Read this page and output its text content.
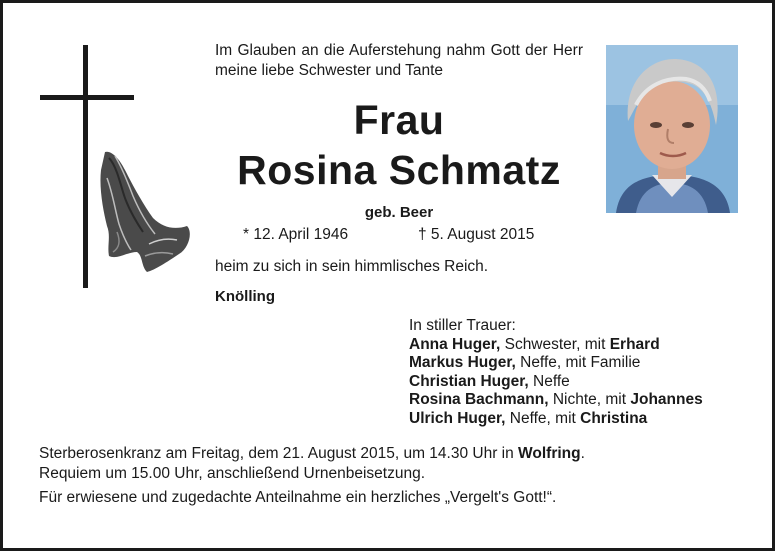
Im Glauben an die Auferstehung nahm Gott der Herr meine liebe Schwester und Tante
Frau
Rosina Schmatz
geb. Beer
* 12. April 1946	† 5. August 2015
heim zu sich in sein himmlisches Reich.
Knölling
In stiller Trauer:
Anna Huger, Schwester, mit Erhard
Markus Huger, Neffe, mit Familie
Christian Huger, Neffe
Rosina Bachmann, Nichte, mit Johannes
Ulrich Huger, Neffe, mit Christina
Sterberosenkranz am Freitag, dem 21. August 2015, um 14.30 Uhr in Wolfring.
Requiem um 15.00 Uhr, anschließend Urnenbeisetzung.
Für erwiesene und zugedachte Anteilnahme ein herzliches „Vergelt's Gott!“.
